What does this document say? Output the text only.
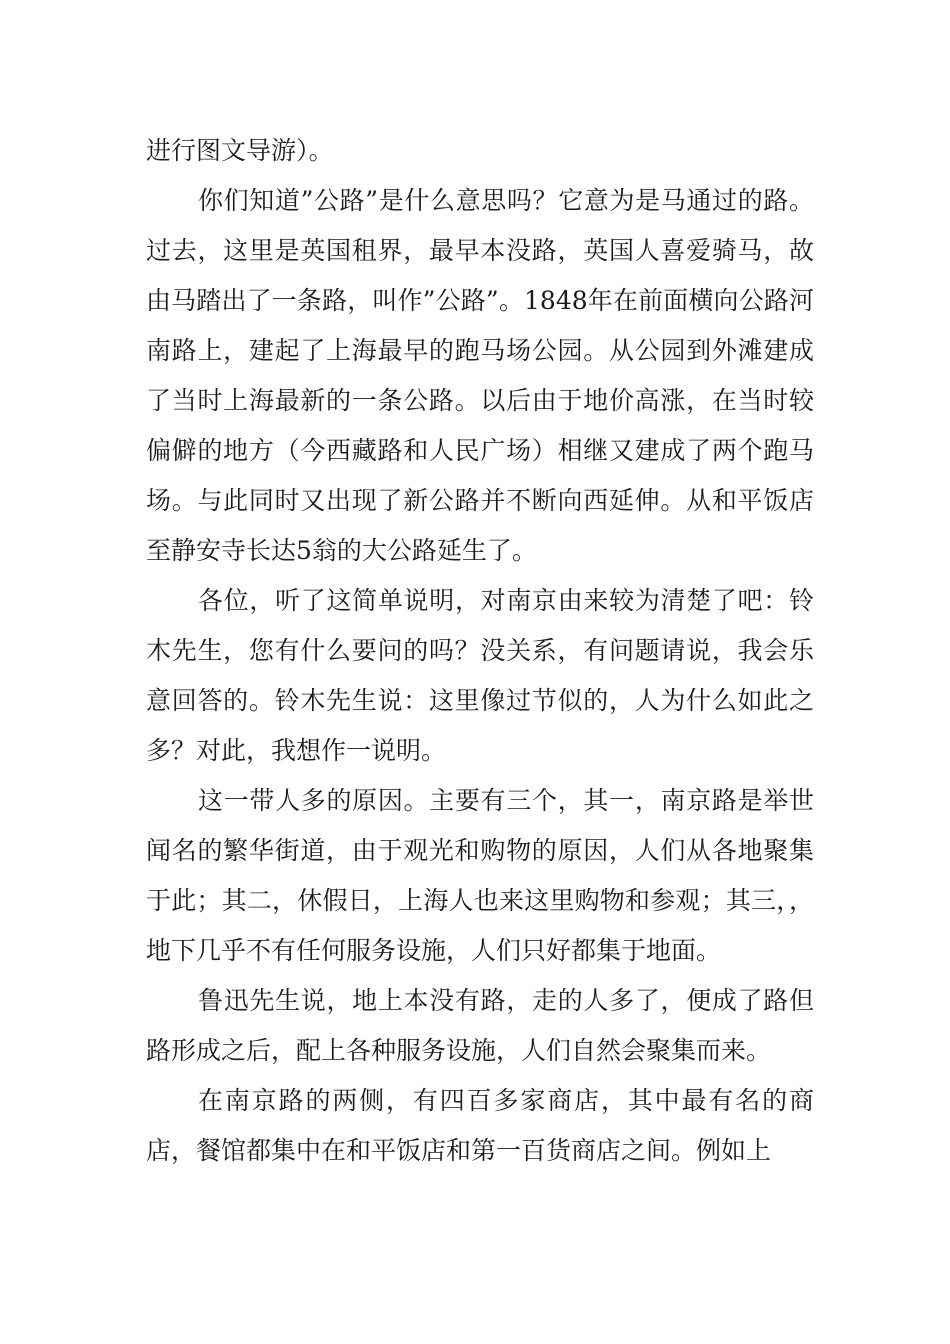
进行图文导游）。

你们知道”公路”是什么意思吗？它意为是马通过的路。过去，这里是英国租界，最早本没路，英国人喜爱骑马，故由马踏出了一条路，叫作”公路”。1848年在前面横向公路河南路上，建起了上海最早的跑马场公园。从公园到外滩建成了当时上海最新的一条公路。以后由于地价高涨，在当时较偏僻的地方（今西藏路和人民广场）相继又建成了两个跑马场。与此同时又出现了新公路并不断向西延伸。从和平饭店至静安寺长达5翁的大公路延生了。

各位，听了这简单说明，对南京由来较为清楚了吧：铃木先生，您有什么要问的吗？没关系，有问题请说，我会乐意回答的。铃木先生说：这里像过节似的，人为什么如此之多？对此，我想作一说明。

这一带人多的原因。主要有三个，其一，南京路是举世闻名的繁华街道，由于观光和购物的原因，人们从各地聚集于此；其二，休假日，上海人也来这里购物和参观；其三，，地下几乎不有任何服务设施，人们只好都集于地面。

鲁迅先生说，地上本没有路，走的人多了，便成了路但路形成之后，配上各种服务设施，人们自然会聚集而来。

在南京路的两侧，有四百多家商店，其中最有名的商店，餐馆都集中在和平饭店和第一百货商店之间。例如上
